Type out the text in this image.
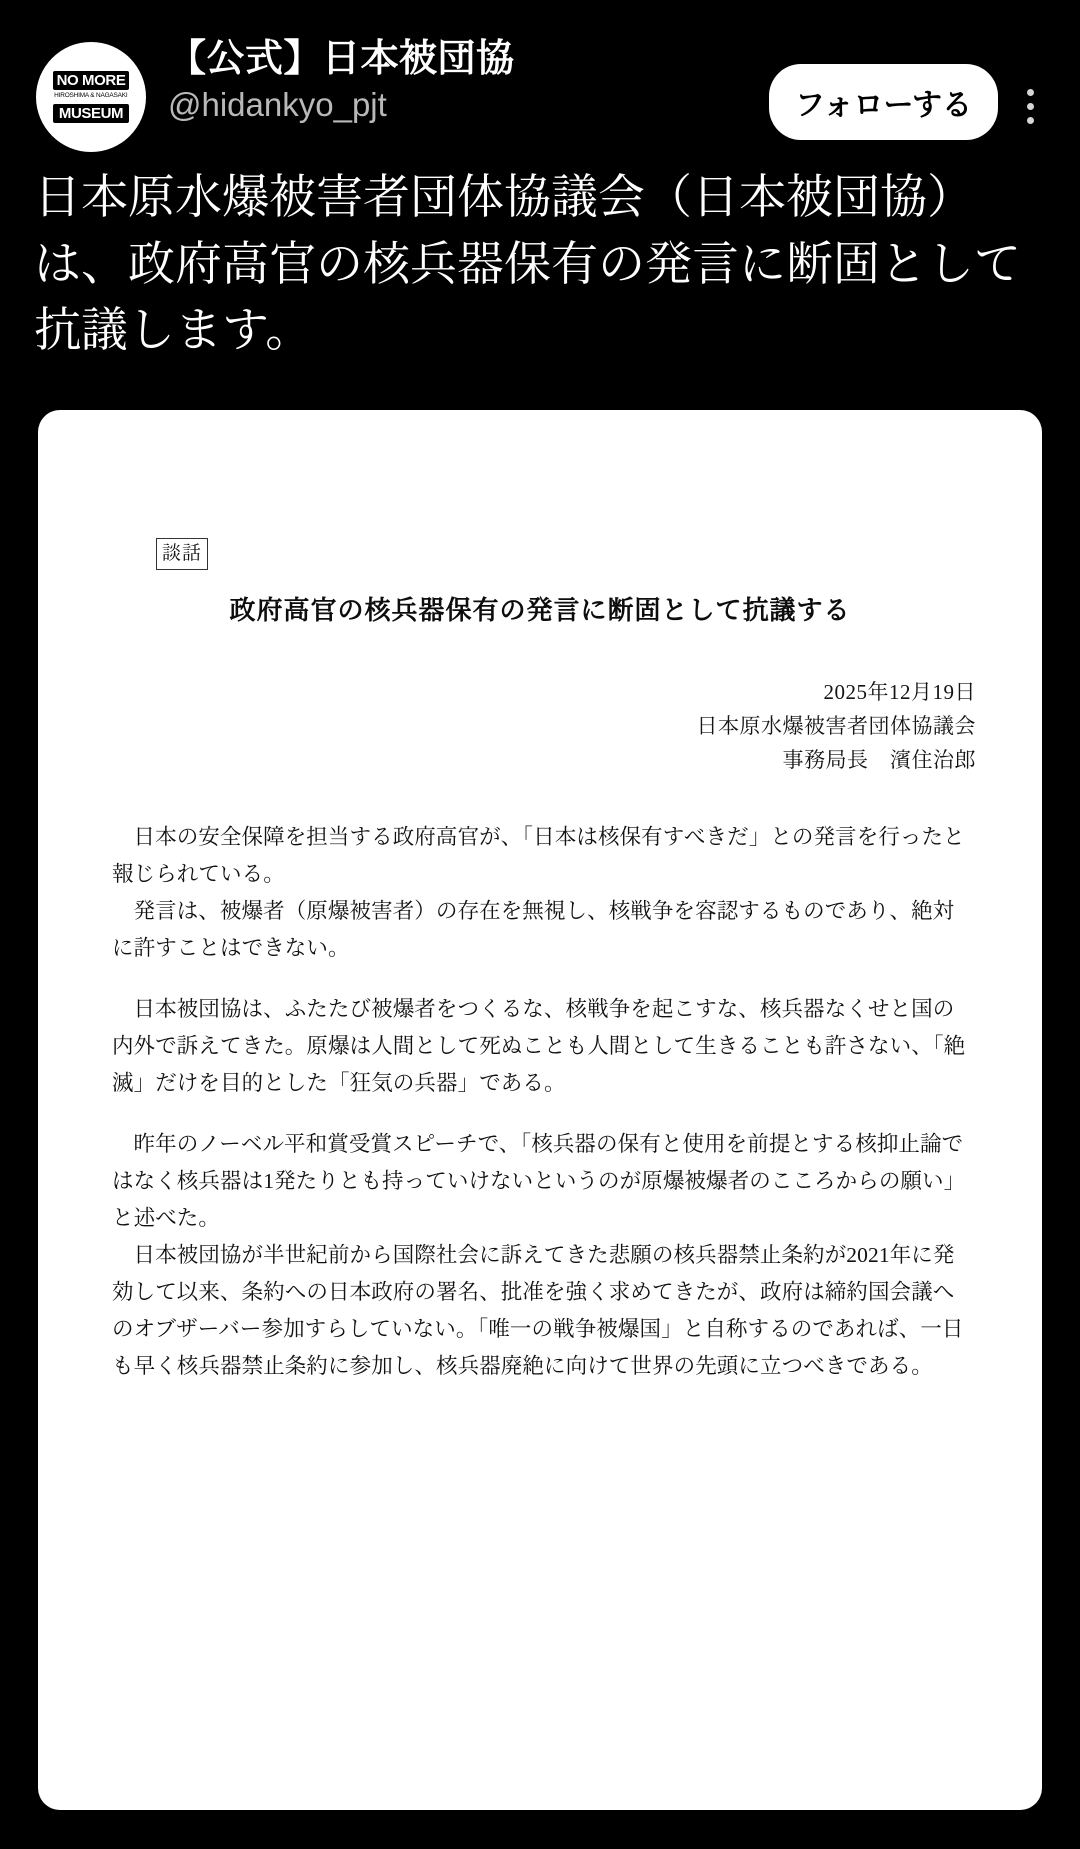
NO MORE
HIROSHIMA & NAGASAKI
MUSEUM
【公式】日本被団協
@hidankyo_pjt	フォローする
日本原水爆被害者団体協議会（日本被団協）は、政府高官の核兵器保有の発言に断固として抗議します。
談話
政府高官の核兵器保有の発言に断固として抗議する
2025年12月19日
日本原水爆被害者団体協議会
事務局長　濱住治郎

日本の安全保障を担当する政府高官が、「日本は核保有すべきだ」との発言を行ったと報じられている。

発言は、被爆者（原爆被害者）の存在を無視し、核戦争を容認するものであり、絶対に許すことはできない。

日本被団協は、ふたたび被爆者をつくるな、核戦争を起こすな、核兵器なくせと国の内外で訴えてきた。原爆は人間として死ぬことも人間として生きることも許さない、「絶滅」だけを目的とした「狂気の兵器」である。

昨年のノーベル平和賞受賞スピーチで、「核兵器の保有と使用を前提とする核抑止論ではなく核兵器は1発たりとも持っていけないというのが原爆被爆者のこころからの願い」と述べた。

日本被団協が半世紀前から国際社会に訴えてきた悲願の核兵器禁止条約が2021年に発効して以来、条約への日本政府の署名、批准を強く求めてきたが、政府は締約国会議へのオブザーバー参加すらしていない。「唯一の戦争被爆国」と自称するのであれば、一日も早く核兵器禁止条約に参加し、核兵器廃絶に向けて世界の先頭に立つべきである。
